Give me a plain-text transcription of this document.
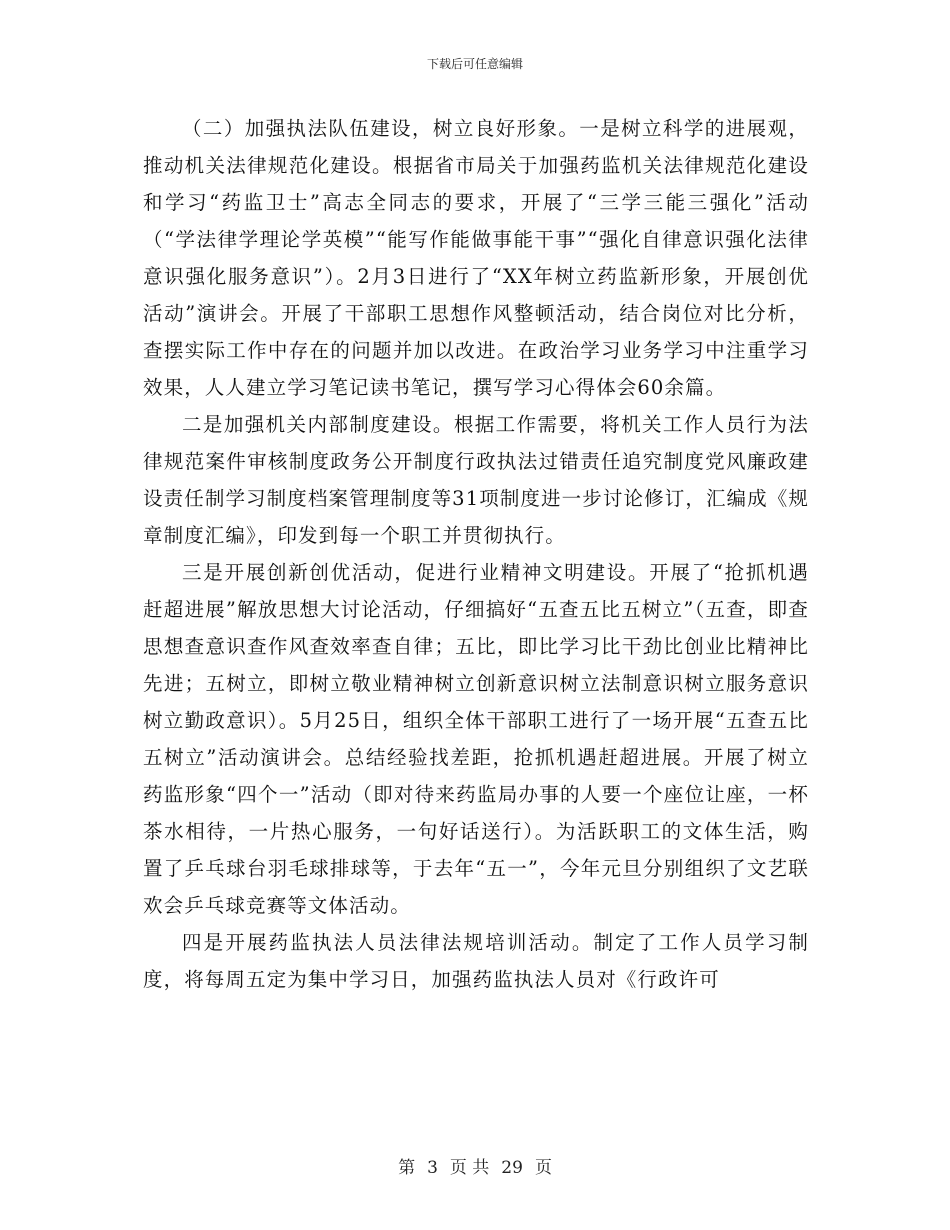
下载后可任意编辑

（二）加强执法队伍建设，树立良好形象。一是树立科学的进展观，推动机关法律规范化建设。根据省市局关于加强药监机关法律规范化建设和学习“药监卫士”高志全同志的要求，开展了“三学三能三强化”活动（“学法律学理论学英模”“能写作能做事能干事”“强化自律意识强化法律意识强化服务意识”）。2月3日进行了“XX年树立药监新形象，开展创优活动”演讲会。开展了干部职工思想作风整顿活动，结合岗位对比分析，查摆实际工作中存在的问题并加以改进。在政治学习业务学习中注重学习效果，人人建立学习笔记读书笔记，撰写学习心得体会60余篇。

二是加强机关内部制度建设。根据工作需要，将机关工作人员行为法律规范案件审核制度政务公开制度行政执法过错责任追究制度党风廉政建设责任制学习制度档案管理制度等31项制度进一步讨论修订，汇编成《规章制度汇编》，印发到每一个职工并贯彻执行。

三是开展创新创优活动，促进行业精神文明建设。开展了“抢抓机遇赶超进展”解放思想大讨论活动，仔细搞好“五查五比五树立”（五查，即查思想查意识查作风查效率查自律；五比，即比学习比干劲比创业比精神比先进；五树立，即树立敬业精神树立创新意识树立法制意识树立服务意识树立勤政意识）。5月25日，组织全体干部职工进行了一场开展“五查五比五树立”活动演讲会。总结经验找差距，抢抓机遇赶超进展。开展了树立药监形象“四个一”活动（即对待来药监局办事的人要一个座位让座，一杯茶水相待，一片热心服务，一句好话送行）。为活跃职工的文体生活，购置了乒乓球台羽毛球排球等，于去年“五一”，今年元旦分别组织了文艺联欢会乒乓球竞赛等文体活动。

四是开展药监执法人员法律法规培训活动。制定了工作人员学习制度，将每周五定为集中学习日，加强药监执法人员对《行政许可

第 3 页 共 29 页
